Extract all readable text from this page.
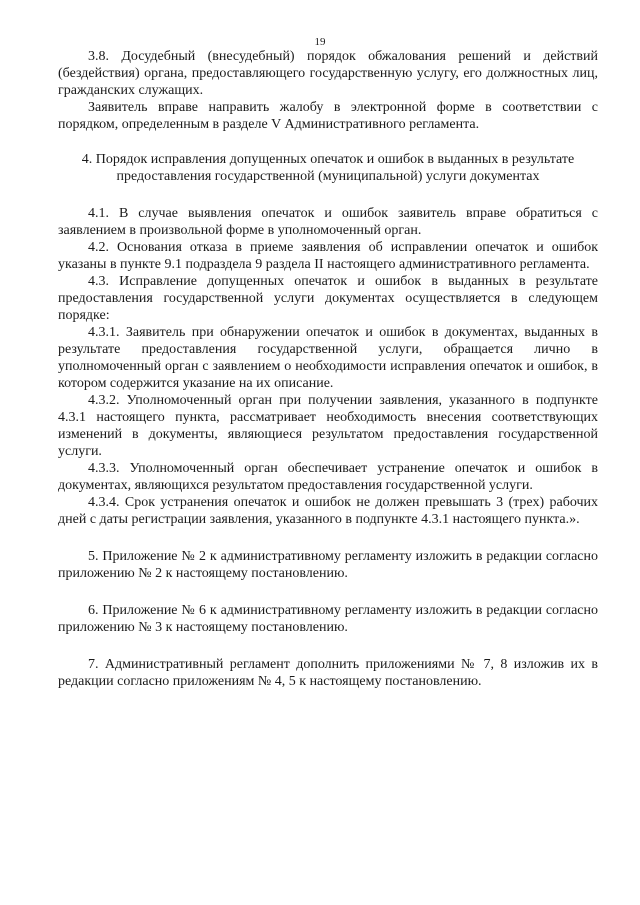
19

3.8. Досудебный (внесудебный) порядок обжалования решений и действий (бездействия) органа, предоставляющего государственную услугу, его должностных лиц, гражданских служащих.

Заявитель вправе направить жалобу в электронной форме в соответствии с порядком, определенным в разделе V Административного регламента.

4. Порядок исправления допущенных опечаток и ошибок в выданных в результате предоставления государственной (муниципальной) услуги документах

4.1. В случае выявления опечаток и ошибок заявитель вправе обратиться с заявлением в произвольной форме в уполномоченный орган.

4.2. Основания отказа в приеме заявления об исправлении опечаток и ошибок указаны в пункте 9.1 подраздела 9 раздела II настоящего административного регламента.

4.3. Исправление допущенных опечаток и ошибок в выданных в результате предоставления государственной услуги документах осуществляется в следующем порядке:

4.3.1. Заявитель при обнаружении опечаток и ошибок в документах, выданных в результате предоставления государственной услуги, обращается лично в уполномоченный орган с заявлением о необходимости исправления опечаток и ошибок, в котором содержится указание на их описание.

4.3.2. Уполномоченный орган при получении заявления, указанного в подпункте 4.3.1 настоящего пункта, рассматривает необходимость внесения соответствующих изменений в документы, являющиеся результатом предоставления государственной услуги.

4.3.3. Уполномоченный орган обеспечивает устранение опечаток и ошибок в документах, являющихся результатом предоставления государственной услуги.

4.3.4. Срок устранения опечаток и ошибок не должен превышать 3 (трех) рабочих дней с даты регистрации заявления, указанного в подпункте 4.3.1 настоящего пункта.».

5. Приложение № 2 к административному регламенту изложить в редакции согласно приложению № 2 к настоящему постановлению.

6. Приложение № 6 к административному регламенту изложить в редакции согласно приложению № 3 к настоящему постановлению.

7. Административный регламент дополнить приложениями № 7, 8 изложив их в редакции согласно приложениям № 4, 5 к настоящему постановлению.
